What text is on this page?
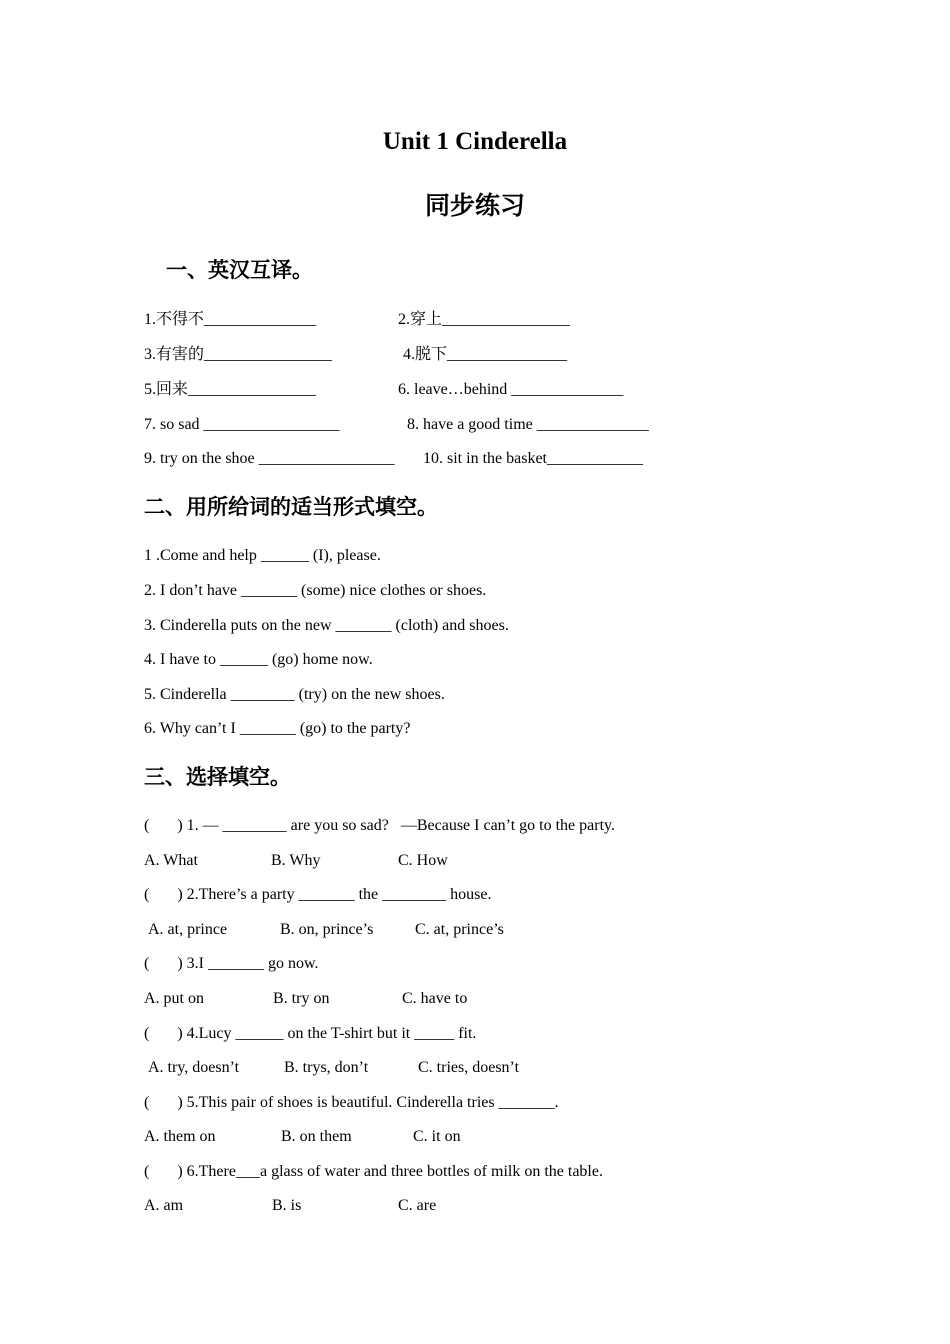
Unit 1 Cinderella
同步练习
一、英汉互译。
1.不得不______________	2.穿上________________
3.有害的________________	4.脱下_______________
5.回来________________	6. leave…behind ______________
7. so sad _________________	8. have a good time ______________
9. try on the shoe _________________ 10. sit in the basket____________
二、用所给词的适当形式填空。
1 .Come and help ______ (I), please.
2. I don’t have _______ (some) nice clothes or shoes.
3. Cinderella puts on the new _______ (cloth) and shoes.
4. I have to ______ (go) home now.
5. Cinderella ________ (try) on the new shoes.
6. Why can’t I _______ (go) to the party?
三、选择填空。
(       ) 1. — ________ are you so sad?   —Because I can’t go to the party.
A. What	B. Why	C. How
(       ) 2.There’s a party _______ the ________ house.
A. at, prince	B. on, prince’s	C. at, prince’s
(       ) 3.I _______ go now.
A. put on	B. try on	C. have to
(       ) 4.Lucy ______ on the T-shirt but it _____ fit.
A. try, doesn’t	B. trys, don’t	C. tries, doesn’t
(       ) 5.This pair of shoes is beautiful. Cinderella tries _______.
A. them on	B. on them	C. it on
(       ) 6.There___a glass of water and three bottles of milk on the table.
A. am	B. is	C. are
